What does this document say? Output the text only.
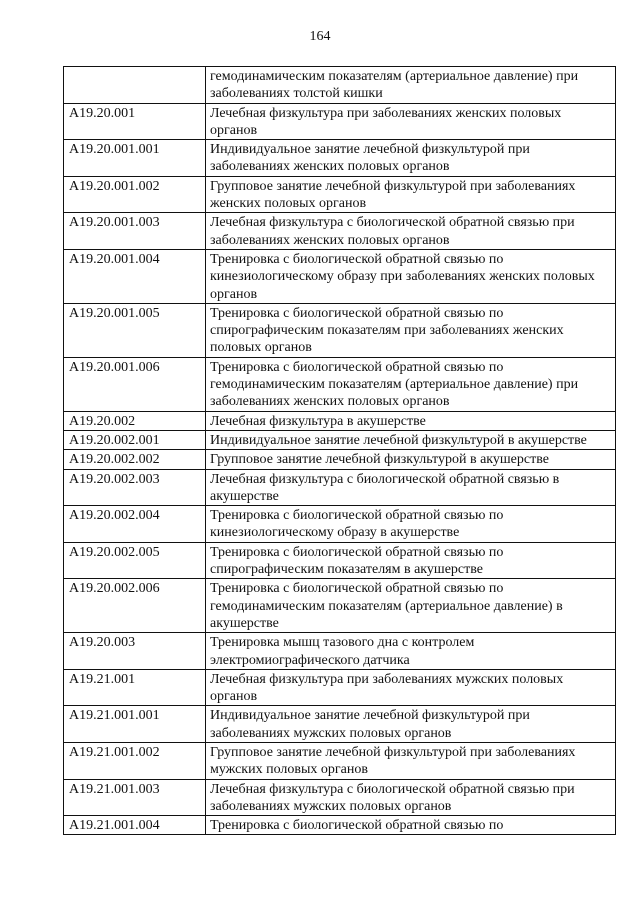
164
	гемодинамическим показателям (артериальное давление) при заболеваниях толстой кишки
A19.20.001	Лечебная физкультура при заболеваниях женских половых органов
A19.20.001.001	Индивидуальное занятие лечебной физкультурой при заболеваниях женских половых органов
A19.20.001.002	Групповое занятие лечебной физкультурой при заболеваниях женских половых органов
A19.20.001.003	Лечебная физкультура с биологической обратной связью при заболеваниях женских половых органов
A19.20.001.004	Тренировка с биологической обратной связью по кинезиологическому образу при заболеваниях женских половых органов
A19.20.001.005	Тренировка с биологической обратной связью по спирографическим показателям при заболеваниях женских половых органов
A19.20.001.006	Тренировка с биологической обратной связью по гемодинамическим показателям (артериальное давление) при заболеваниях женских половых органов
A19.20.002	Лечебная физкультура в акушерстве
A19.20.002.001	Индивидуальное занятие лечебной физкультурой в акушерстве
A19.20.002.002	Групповое занятие лечебной физкультурой в акушерстве
A19.20.002.003	Лечебная физкультура с биологической обратной связью в акушерстве
A19.20.002.004	Тренировка с биологической обратной связью по кинезиологическому образу в акушерстве
A19.20.002.005	Тренировка с биологической обратной связью по спирографическим показателям в акушерстве
A19.20.002.006	Тренировка с биологической обратной связью по гемодинамическим показателям (артериальное давление) в акушерстве
A19.20.003	Тренировка мышц тазового дна с контролем электромиографического датчика
A19.21.001	Лечебная физкультура при заболеваниях мужских половых органов
A19.21.001.001	Индивидуальное занятие лечебной физкультурой при заболеваниях мужских половых органов
A19.21.001.002	Групповое занятие лечебной физкультурой при заболеваниях мужских половых органов
A19.21.001.003	Лечебная физкультура с биологической обратной связью при заболеваниях мужских половых органов
A19.21.001.004	Тренировка с биологической обратной связью по
